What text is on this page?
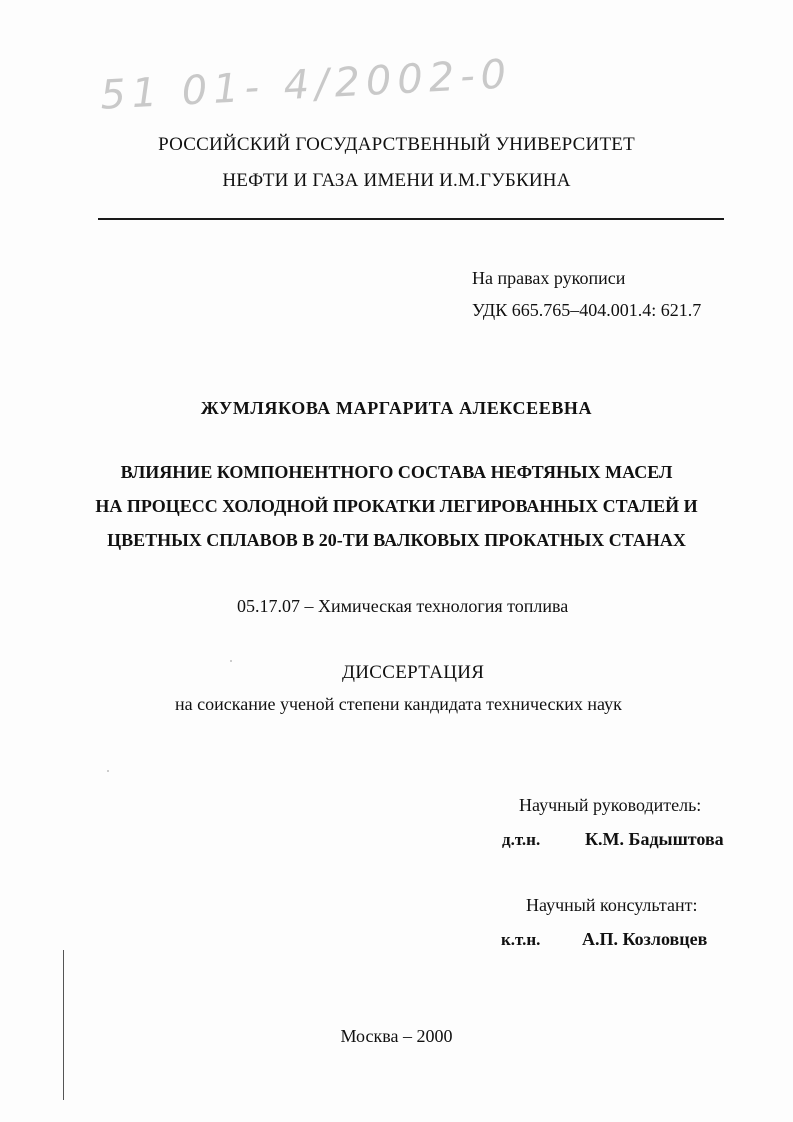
51 01- 4/2002-0
РОССИЙСКИЙ ГОСУДАРСТВЕННЫЙ УНИВЕРСИТЕТ
НЕФТИ И ГАЗА ИМЕНИ И.М.ГУБКИНА
На правах рукописи
УДК 665.765–404.001.4: 621.7
ЖУМЛЯКОВА МАРГАРИТА АЛЕКСЕЕВНА
ВЛИЯНИЕ КОМПОНЕНТНОГО СОСТАВА НЕФТЯНЫХ МАСЕЛ
НА ПРОЦЕСС ХОЛОДНОЙ ПРОКАТКИ ЛЕГИРОВАННЫХ СТАЛЕЙ И
ЦВЕТНЫХ СПЛАВОВ В 20-ТИ ВАЛКОВЫХ ПРОКАТНЫХ СТАНАХ
05.17.07 – Химическая технология топлива
ДИССЕРТАЦИЯ
на соискание ученой степени кандидата технических наук
Научный руководитель:
д.т.н. К.М. Бадыштова
Научный консультант:
к.т.н. А.П. Козловцев
Москва – 2000
